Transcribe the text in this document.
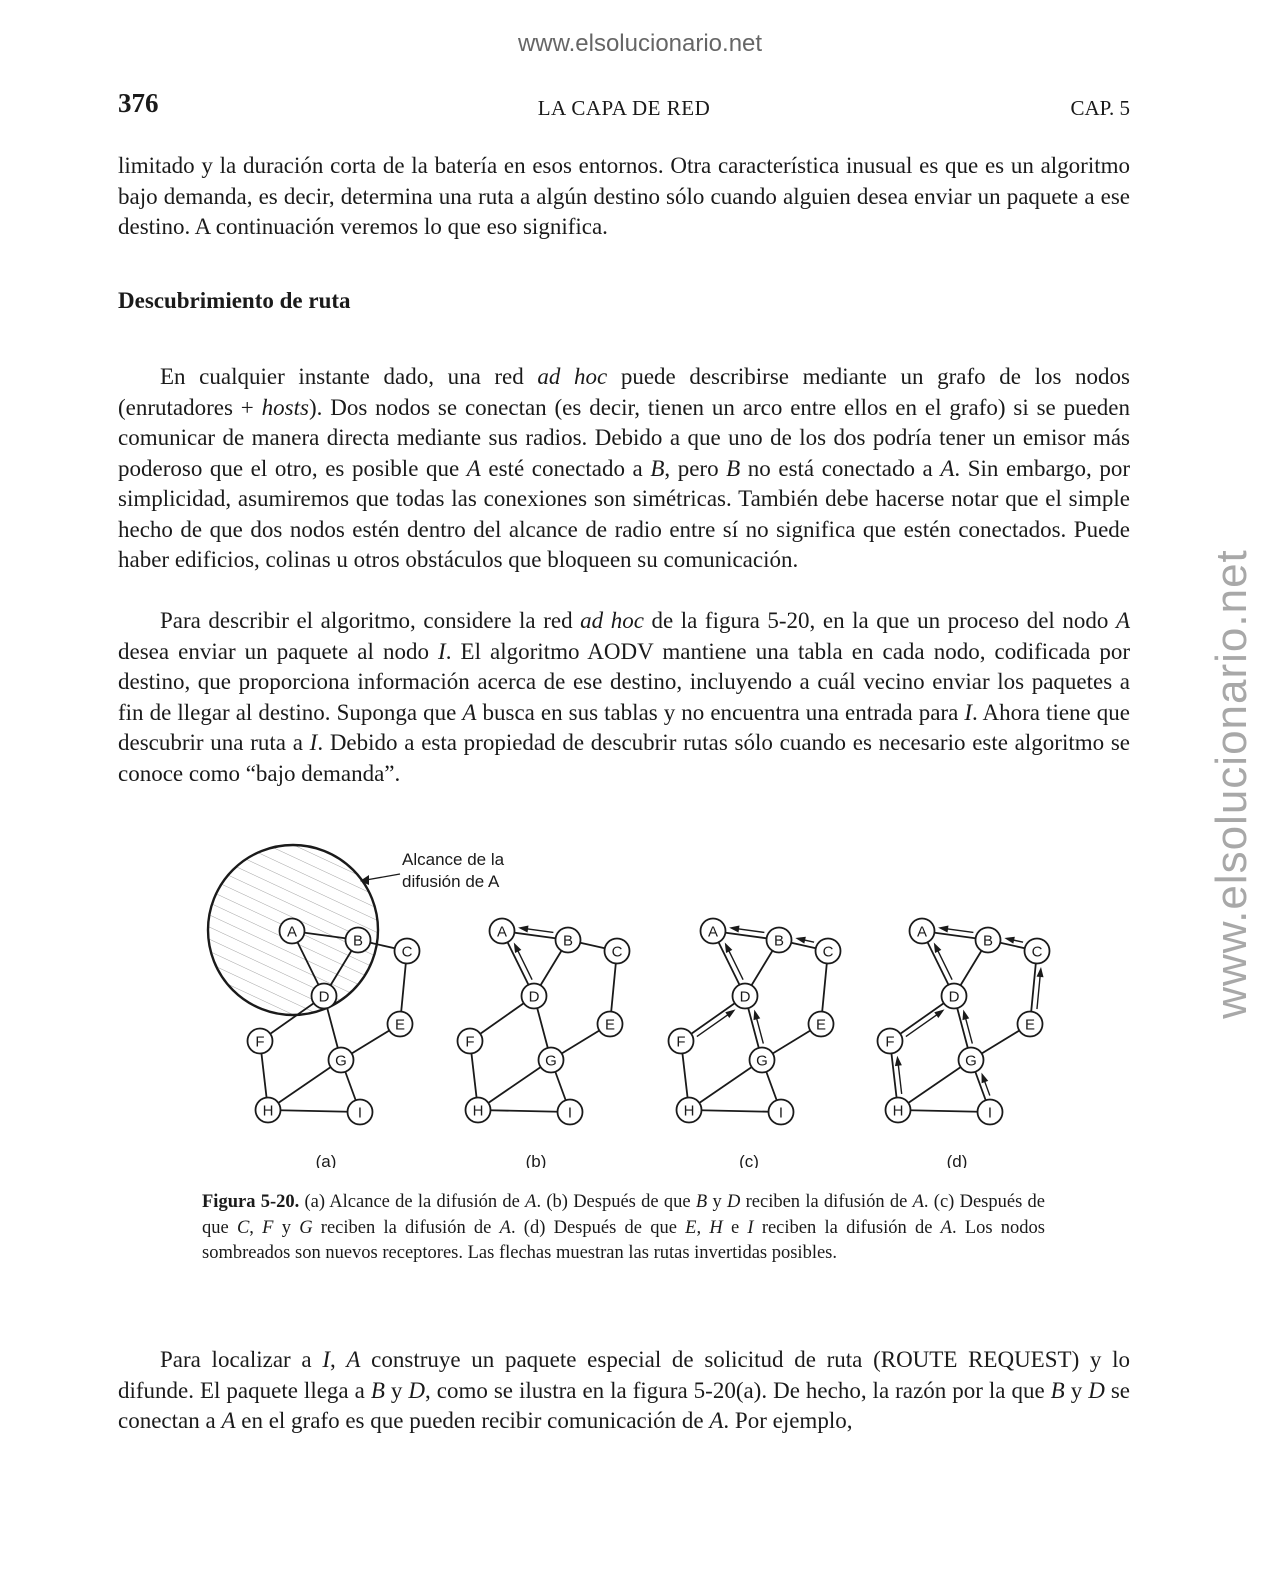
www.elsolucionario.net
www.elsolucionario.net
376	LA CAPA DE RED	CAP. 5

limitado y la duración corta de la batería en esos entornos. Otra característica inusual es que es un algoritmo bajo demanda, es decir, determina una ruta a algún destino sólo cuando alguien desea enviar un paquete a ese destino. A continuación veremos lo que eso significa.

Descubrimiento de ruta

En cualquier instante dado, una red ad hoc puede describirse mediante un grafo de los nodos (enrutadores + hosts). Dos nodos se conectan (es decir, tienen un arco entre ellos en el grafo) si se pueden comunicar de manera directa mediante sus radios. Debido a que uno de los dos podría tener un emisor más poderoso que el otro, es posible que A esté conectado a B, pero B no está conectado a A. Sin embargo, por simplicidad, asumiremos que todas las conexiones son simétricas. También debe hacerse notar que el simple hecho de que dos nodos estén dentro del alcance de radio entre sí no significa que estén conectados. Puede haber edificios, colinas u otros obstáculos que bloqueen su comunicación.

Para describir el algoritmo, considere la red ad hoc de la figura 5-20, en la que un proceso del nodo A desea enviar un paquete al nodo I. El algoritmo AODV mantiene una tabla en cada nodo, codificada por destino, que proporciona información acerca de ese destino, incluyendo a cuál vecino enviar los paquetes a fin de llegar al destino. Suponga que A busca en sus tablas y no encuentra una entrada para I. Ahora tiene que descubrir una ruta a I. Debido a esta propiedad de descubrir rutas sólo cuando es necesario este algoritmo se conoce como “bajo demanda”.

A
B
C
D
E
F
G
H	I
A
B
C
D
E
F
G
H	I
A
B
C
D
E
F
G
H	I
A
B
C
D
E
F
G
H	I
Alcance de la
difusión de A
(a)	(b)	(c)	(d)

Figura 5-20. (a) Alcance de la difusión de A. (b) Después de que B y D reciben la difusión de A. (c) Después de que C, F y G reciben la difusión de A. (d) Después de que E, H e I reciben la difusión de A. Los nodos sombreados son nuevos receptores. Las flechas muestran las rutas invertidas posibles.

Para localizar a I, A construye un paquete especial de solicitud de ruta (ROUTE REQUEST) y lo difunde. El paquete llega a B y D, como se ilustra en la figura 5-20(a). De hecho, la razón por la que B y D se conectan a A en el grafo es que pueden recibir comunicación de A. Por ejemplo,
